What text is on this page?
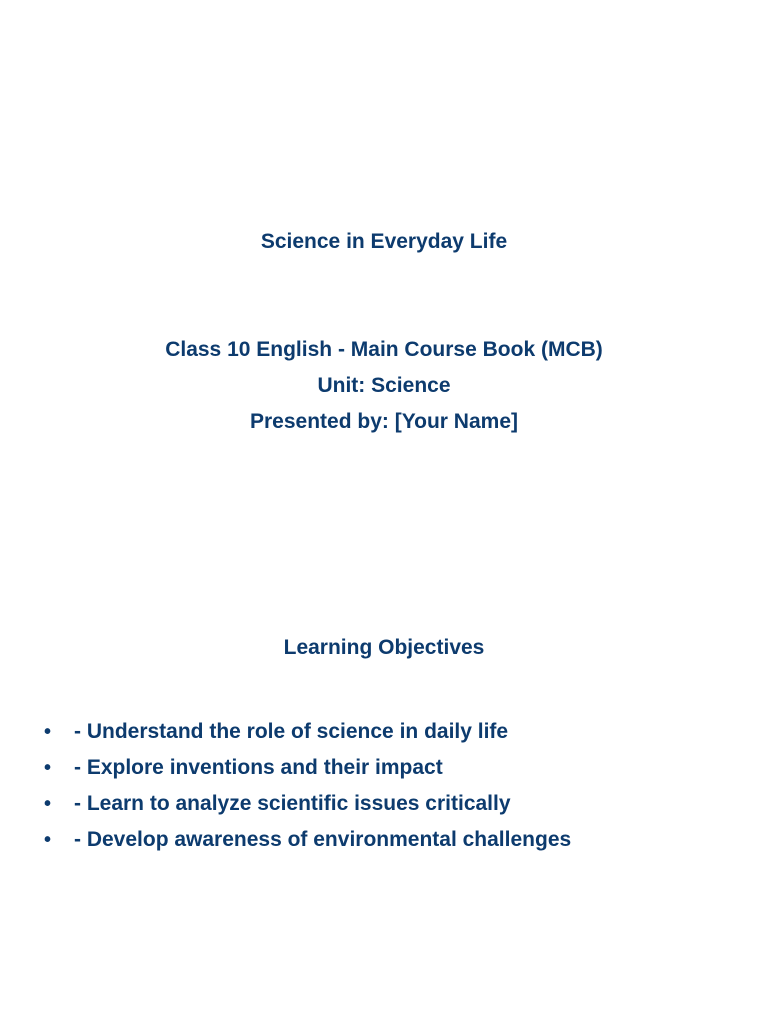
Science in Everyday Life
Class 10 English - Main Course Book (MCB)
Unit: Science
Presented by: [Your Name]
Learning Objectives
•	- Understand the role of science in daily life
•	- Explore inventions and their impact
•	- Learn to analyze scientific issues critically
•	- Develop awareness of environmental challenges
